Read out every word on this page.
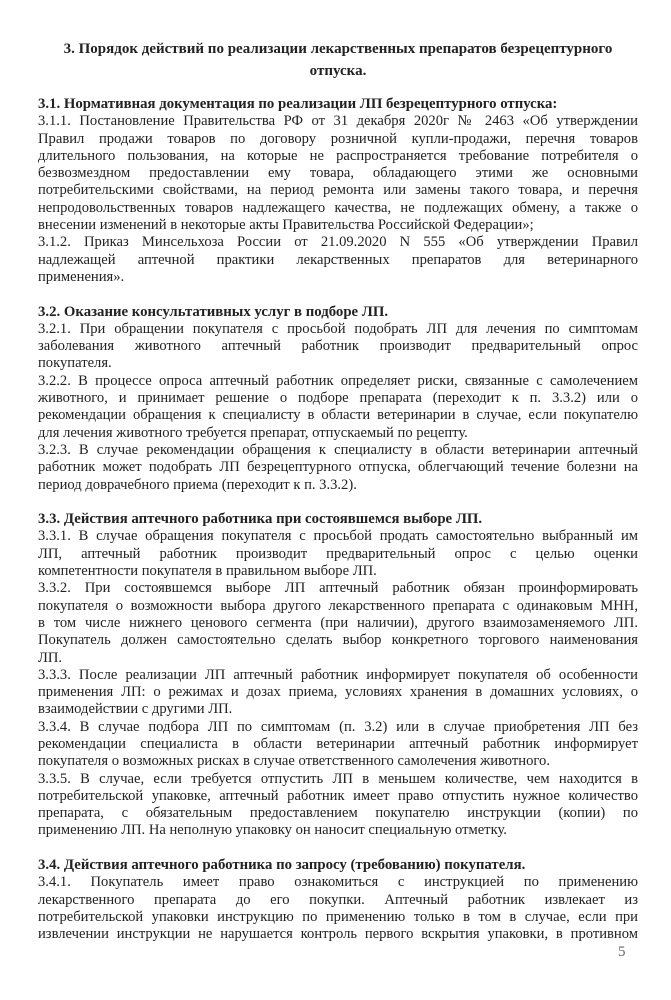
3. Порядок действий по реализации лекарственных препаратов безрецептурного
отпуска.
3.1. Нормативная документация по реализации ЛП безрецептурного отпуска:
3.1.1. Постановление Правительства РФ от 31 декабря 2020г № 2463 «Об утверждении
Правил продажи товаров по договору розничной купли-продажи, перечня товаров
длительного пользования, на которые не распространяется требование потребителя о
безвозмездном предоставлении ему товара, обладающего этими же основными
потребительскими свойствами, на период ремонта или замены такого товара, и перечня
непродовольственных товаров надлежащего качества, не подлежащих обмену, а также о
внесении изменений в некоторые акты Правительства Российской Федерации»;
3.1.2. Приказ Минсельхоза России от 21.09.2020 N 555 «Об утверждении Правил
надлежащей аптечной практики лекарственных препаратов для ветеринарного
применения».
3.2. Оказание консультативных услуг в подборе ЛП.
3.2.1. При обращении покупателя с просьбой подобрать ЛП для лечения по симптомам
заболевания животного аптечный работник производит предварительный опрос
покупателя.
3.2.2. В процессе опроса аптечный работник определяет риски, связанные с самолечением
животного, и принимает решение о подборе препарата (переходит к п. 3.3.2) или о
рекомендации обращения к специалисту в области ветеринарии в случае, если покупателю
для лечения животного требуется препарат, отпускаемый по рецепту.
3.2.3. В случае рекомендации обращения к специалисту в области ветеринарии аптечный
работник может подобрать ЛП безрецептурного отпуска, облегчающий течение болезни на
период доврачебного приема (переходит к п. 3.3.2).
3.3. Действия аптечного работника при состоявшемся выборе ЛП.
3.3.1. В случае обращения покупателя с просьбой продать самостоятельно выбранный им
ЛП, аптечный работник производит предварительный опрос с целью оценки
компетентности покупателя в правильном выборе ЛП.
3.3.2. При состоявшемся выборе ЛП аптечный работник обязан проинформировать
покупателя о возможности выбора другого лекарственного препарата с одинаковым МНН,
в том числе нижнего ценового сегмента (при наличии), другого взаимозаменяемого ЛП.
Покупатель должен самостоятельно сделать выбор конкретного торгового наименования
ЛП.
3.3.3. После реализации ЛП аптечный работник информирует покупателя об особенности
применения ЛП: о режимах и дозах приема, условиях хранения в домашних условиях, о
взаимодействии с другими ЛП.
3.3.4. В случае подбора ЛП по симптомам (п. 3.2) или в случае приобретения ЛП без
рекомендации специалиста в области ветеринарии аптечный работник информирует
покупателя о возможных рисках в случае ответственного самолечения животного.
3.3.5. В случае, если требуется отпустить ЛП в меньшем количестве, чем находится в
потребительской упаковке, аптечный работник имеет право отпустить нужное количество
препарата, с обязательным предоставлением покупателю инструкции (копии) по
применению ЛП. На неполную упаковку он наносит специальную отметку.
3.4. Действия аптечного работника по запросу (требованию) покупателя.
3.4.1. Покупатель имеет право ознакомиться с инструкцией по применению
лекарственного препарата до его покупки. Аптечный работник извлекает из
потребительской упаковки инструкцию по применению только в том в случае, если при
извлечении инструкции не нарушается контроль первого вскрытия упаковки, в противном
5
